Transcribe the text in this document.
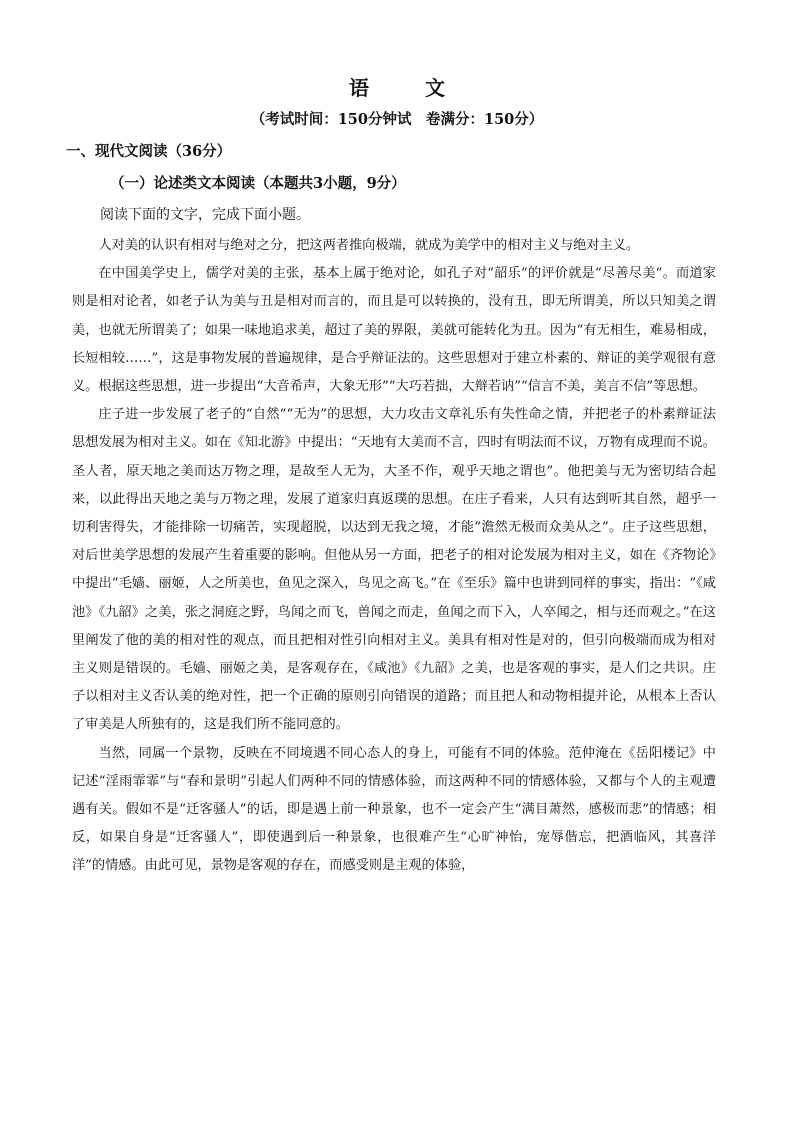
语　文
（考试时间：150分钟试　卷满分：150分）
一、现代文阅读（36分）
（一）论述类文本阅读（本题共3小题，9分）
阅读下面的文字，完成下面小题。

人对美的认识有相对与绝对之分，把这两者推向极端，就成为美学中的相对主义与绝对主义。

在中国美学史上，儒学对美的主张，基本上属于绝对论，如孔子对“韶乐”的评价就是“尽善尽美”。而道家则是相对论者，如老子认为美与丑是相对而言的，而且是可以转换的，没有丑，即无所谓美，所以只知美之谓美，也就无所谓美了；如果一味地追求美，超过了美的界限，美就可能转化为丑。因为“有无相生，难易相成，长短相较……”，这是事物发展的普遍规律，是合乎辩证法的。这些思想对于建立朴素的、辩证的美学观很有意义。根据这些思想，进一步提出“大音希声，大象无形”“大巧若拙，大辩若讷”“信言不美，美言不信”等思想。

庄子进一步发展了老子的“自然”“无为”的思想，大力攻击文章礼乐有失性命之情，并把老子的朴素辩证法思想发展为相对主义。如在《知北游》中提出：“天地有大美而不言，四时有明法而不议，万物有成理而不说。圣人者，原天地之美而达万物之理，是故至人无为，大圣不作，观乎天地之谓也”。他把美与无为密切结合起来，以此得出天地之美与万物之理，发展了道家归真返璞的思想。在庄子看来，人只有达到听其自然，超乎一切利害得失，才能排除一切痛苦，实现超脱，以达到无我之境，才能“澹然无极而众美从之”。庄子这些思想，对后世美学思想的发展产生着重要的影响。但他从另一方面，把老子的相对论发展为相对主义，如在《齐物论》中提出“毛嫱、丽姬，人之所美也，鱼见之深入，鸟见之高飞。”在《至乐》篇中也讲到同样的事实，指出：“《咸池》《九韶》之美，张之洞庭之野，鸟闻之而飞，兽闻之而走，鱼闻之而下入，人卒闻之，相与还而观之。”在这里阐发了他的美的相对性的观点，而且把相对性引向相对主义。美具有相对性是对的，但引向极端而成为相对主义则是错误的。毛嫱、丽姬之美，是客观存在，《咸池》《九韶》之美，也是客观的事实，是人们之共识。庄子以相对主义否认美的绝对性，把一个正确的原则引向错误的道路；而且把人和动物相提并论，从根本上否认了审美是人所独有的，这是我们所不能同意的。

当然，同属一个景物，反映在不同境遇不同心态人的身上，可能有不同的体验。范仲淹在《岳阳楼记》中记述“淫雨霏霏”与“春和景明”引起人们两种不同的情感体验，而这两种不同的情感体验，又都与个人的主观遭遇有关。假如不是“迁客骚人”的话，即是遇上前一种景象，也不一定会产生“满目萧然，感极而悲”的情感；相反，如果自身是“迁客骚人”，即使遇到后一种景象，也很难产生“心旷神怡，宠辱偕忘，把酒临风，其喜洋洋”的情感。由此可见，景物是客观的存在，而感受则是主观的体验，
